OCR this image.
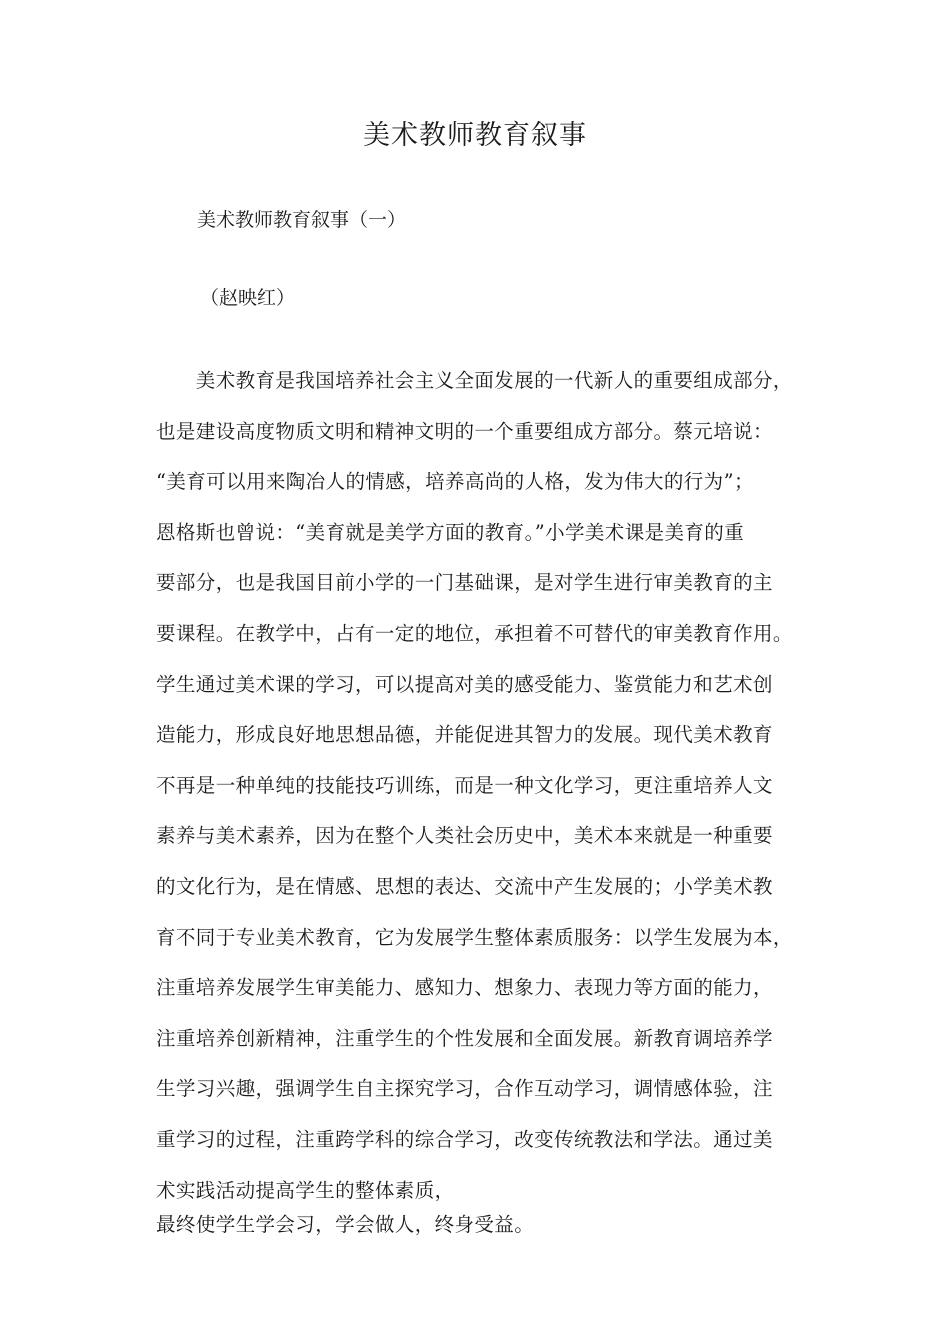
美术教师教育叙事
美术教师教育叙事（一）
（赵映红）
　　美术教育是我国培养社会主义全面发展的一代新人的重要组成部分，
也是建设高度物质文明和精神文明的一个重要组成方部分。蔡元培说：
“美育可以用来陶冶人的情感，培养高尚的人格，发为伟大的行为”；
恩格斯也曾说：“美育就是美学方面的教育。”小学美术课是美育的重
要部分，也是我国目前小学的一门基础课，是对学生进行审美教育的主
要课程。在教学中，占有一定的地位，承担着不可替代的审美教育作用。
学生通过美术课的学习，可以提高对美的感受能力、鉴赏能力和艺术创
造能力，形成良好地思想品德，并能促进其智力的发展。现代美术教育
不再是一种单纯的技能技巧训练，而是一种文化学习，更注重培养人文
素养与美术素养，因为在整个人类社会历史中，美术本来就是一种重要
的文化行为，是在情感、思想的表达、交流中产生发展的；小学美术教
育不同于专业美术教育，它为发展学生整体素质服务：以学生发展为本，
注重培养发展学生审美能力、感知力、想象力、表现力等方面的能力，
注重培养创新精神，注重学生的个性发展和全面发展。新教育调培养学
生学习兴趣，强调学生自主探究学习，合作互动学习，调情感体验，注
重学习的过程，注重跨学科的综合学习，改变传统教法和学法。通过美
术实践活动提高学生的整体素质，
最终使学生学会习，学会做人，终身受益。
